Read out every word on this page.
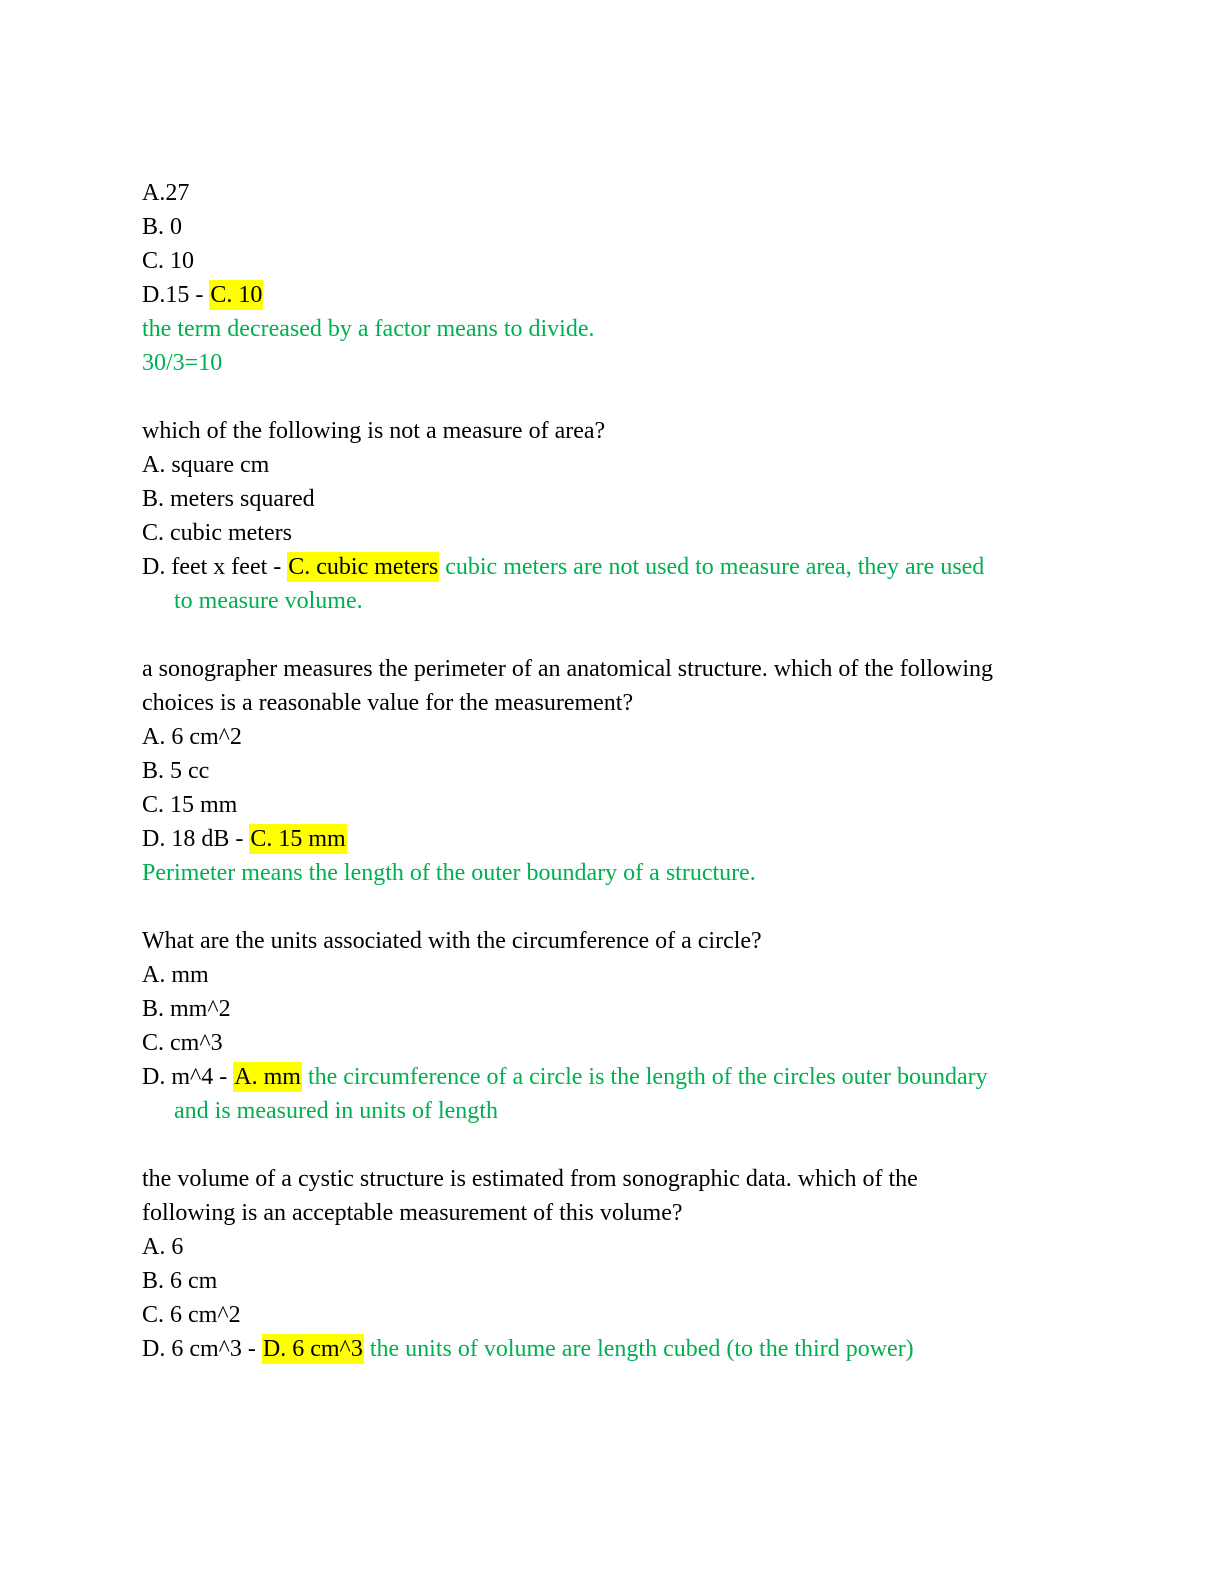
A.27
B. 0
C. 10
D.15 - C. 10
the term decreased by a factor means to divide.
30/3=10
which of the following is not a measure of area?
A. square cm
B. meters squared
C. cubic meters
D. feet x feet - C. cubic meters cubic meters are not used to measure area, they are used
to measure volume.
a sonographer measures the perimeter of an anatomical structure. which of the following
choices is a reasonable value for the measurement?
A. 6 cm^2
B. 5 cc
C. 15 mm
D. 18 dB - C. 15 mm
Perimeter means the length of the outer boundary of a structure.
What are the units associated with the circumference of a circle?
A. mm
B. mm^2
C. cm^3
D. m^4 - A. mm the circumference of a circle is the length of the circles outer boundary
and is measured in units of length
the volume of a cystic structure is estimated from sonographic data. which of the
following is an acceptable measurement of this volume?
A. 6
B. 6 cm
C. 6 cm^2
D. 6 cm^3 - D. 6 cm^3 the units of volume are length cubed (to the third power)
